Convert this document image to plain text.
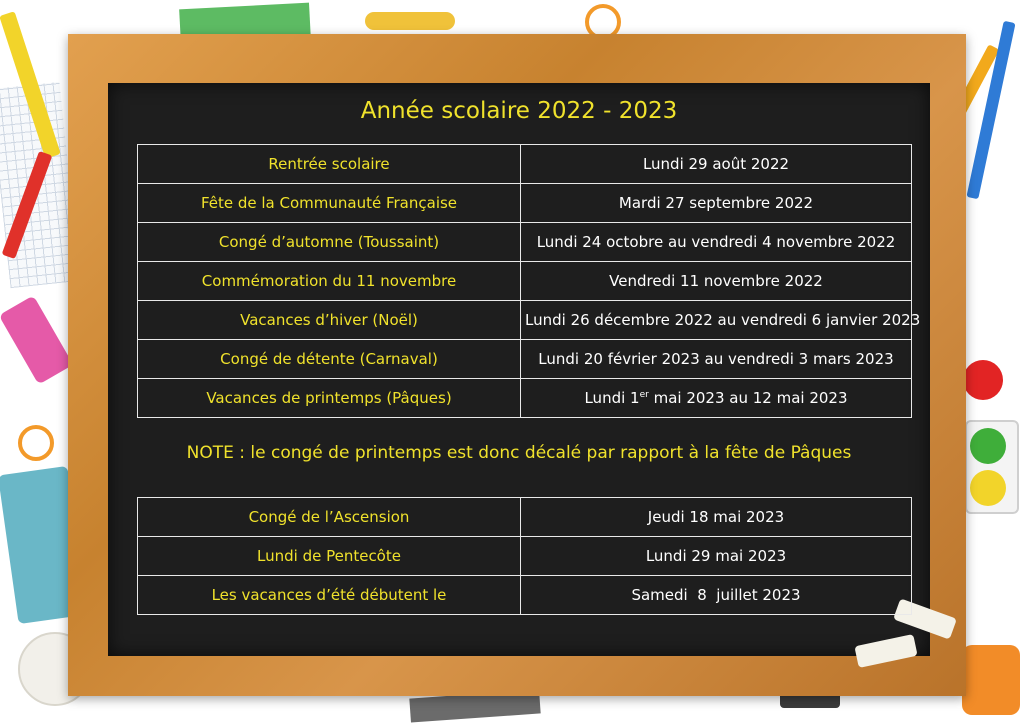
Année scolaire 2022 - 2023
Rentrée scolaire	Lundi 29 août 2022
Fête de la Communauté Française	Mardi 27 septembre 2022
Congé d’automne (Toussaint)	Lundi 24 octobre au vendredi 4 novembre 2022
Commémoration du 11 novembre	Vendredi 11 novembre 2022
Vacances d’hiver (Noël)	Lundi 26 décembre 2022 au vendredi 6 janvier 2023
Congé de détente (Carnaval)	Lundi 20 février 2023 au vendredi 3 mars 2023
Vacances de printemps (Pâques)	Lundi 1er mai 2023 au 12 mai 2023
NOTE : le congé de printemps est donc décalé par rapport à la fête de Pâques
Congé de l’Ascension	Jeudi 18 mai 2023
Lundi de Pentecôte	Lundi 29 mai 2023
Les vacances d’été débutent le	Samedi  8  juillet 2023
